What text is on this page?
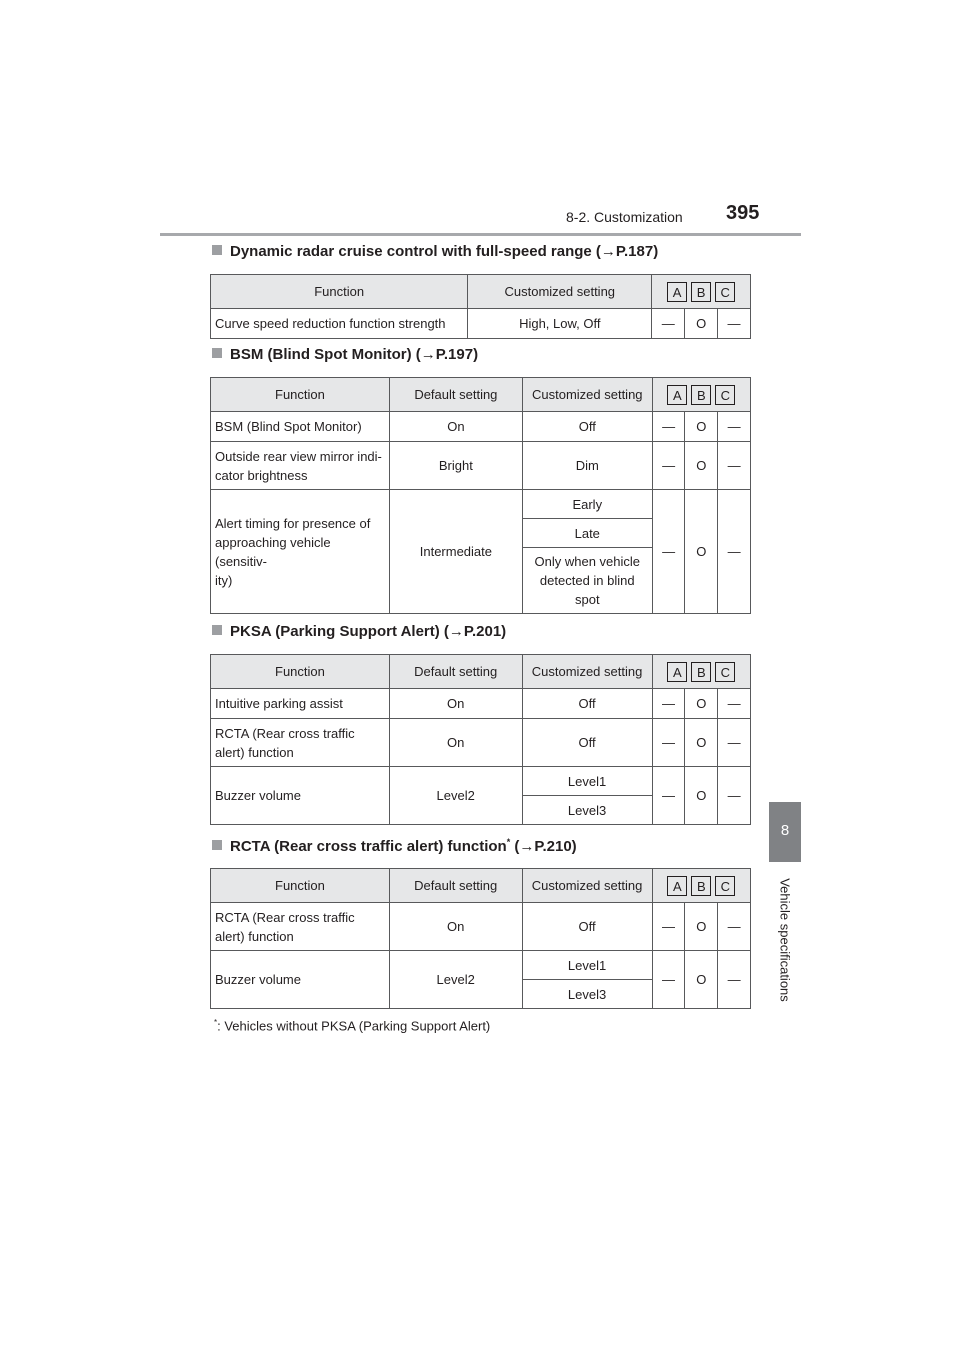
8-2. Customization 395
8
Vehicle specifications
Dynamic radar cruise control with full-speed range (→P.187)
Function	Customized setting	A B C		
Curve speed reduction function strength	High, Low, Off	—	O	—
BSM (Blind Spot Monitor) (→P.197)
Function	Default setting	Customized setting	A B C		
BSM (Blind Spot Monitor)	On	Off	—	O	—

Outside rear view mirror indi-
cator brightness	Bright	Dim	—	O	—

Alert timing for presence of
approaching vehicle (sensitiv-
ity)	Intermediate	Early	—	O	—
		Late			

		Only when vehicle
detected in blind
spot			
PKSA (Parking Support Alert) (→P.201)
Function	Default setting	Customized setting	A B C		
Intuitive parking assist	On	Off	—	O	—

RCTA (Rear cross traffic
alert) function	On	Off	—	O	—
Buzzer volume	Level2	Level1	—	O	—
		Level3			
RCTA (Rear cross traffic alert) function* (→P.210)
Function	Default setting	Customized setting	A B C		

RCTA (Rear cross traffic
alert) function	On	Off	—	O	—
Buzzer volume	Level2	Level1	—	O	—
		Level3			
*: Vehicles without PKSA (Parking Support Alert)
